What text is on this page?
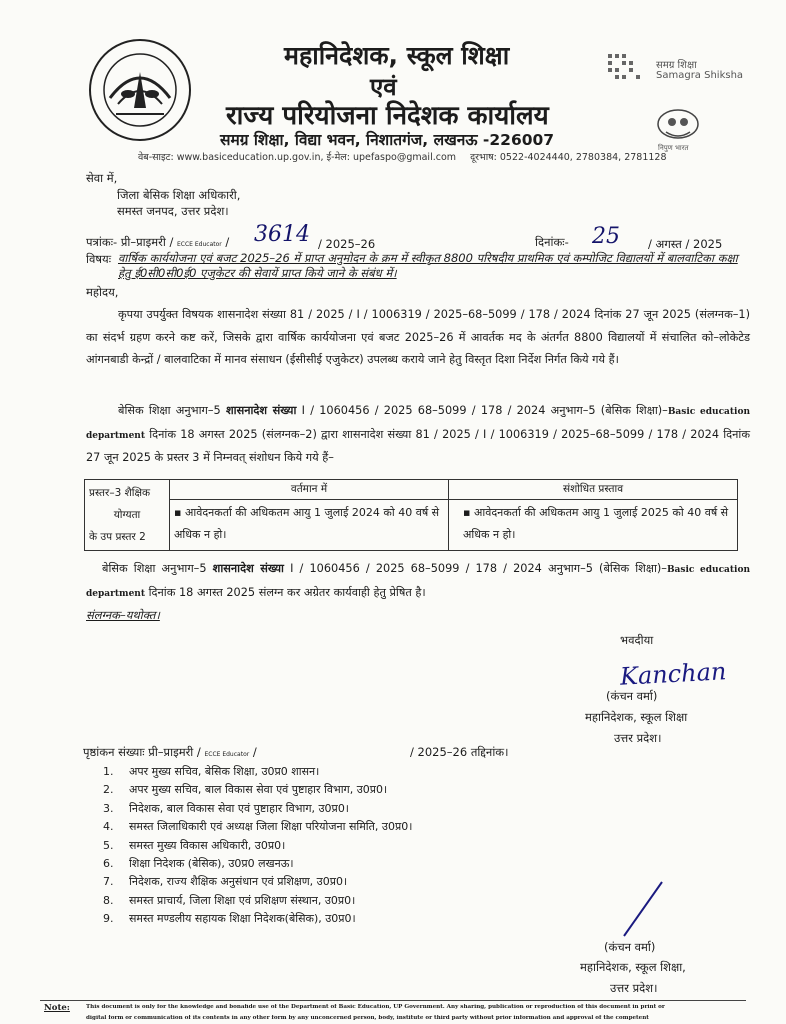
महानिदेशक, स्कूल शिक्षा
एवं
राज्य परियोजना निदेशक कार्यालय
समग्र शिक्षा, विद्या भवन, निशातगंज, लखनऊ -226007
वेब-साइट: www.basiceducation.up.gov.in, ई-मेल: upefaspo@gmail.com दूरभाष: 0522-4024440, 2780384, 2781128
समग्र शिक्षा
Samagra Shiksha
निपुण भारत
सेवा में,
जिला बेसिक शिक्षा अधिकारी,
समस्त जनपद, उत्तर प्रदेश।
पत्रांकः- प्री–प्राइमरी / ECCE Educator / 3614 / 2025–26	दिनांकः- 25 / अगस्त / 2025
विषयः वार्षिक कार्ययोजना एवं बजट 2025–26 में प्राप्त अनुमोदन के क्रम में स्वीकृत 8800 परिषदीय प्राथमिक एवं कम्पोजिट विद्यालयों में बालवाटिका कक्षा हेतु ई0सी0सी0ई0 एजुकेटर की सेवायें प्राप्त किये जाने के संबंध में।
महोदय,
कृपया उपर्युक्त विषयक शासनादेश संख्या 81 / 2025 / I / 1006319 / 2025–68–5099 / 178 / 2024 दिनांक 27 जून 2025 (संलग्नक–1) का संदर्भ ग्रहण करने कष्ट करें, जिसके द्वारा वार्षिक कार्ययोजना एवं बजट 2025–26 में आवर्तक मद के अंतर्गत 8800 विद्यालयों में संचालित को–लोकेटेड आंगनबाडी केन्द्रों / बालवाटिका में मानव संसाधन (ईसीसीई एजुकेटर) उपलब्ध कराये जाने हेतु विस्तृत दिशा निर्देश निर्गत किये गये हैं।
बेसिक शिक्षा अनुभाग–5 शासनादेश संख्या I / 1060456 / 2025 68–5099 / 178 / 2024 अनुभाग–5 (बेसिक शिक्षा)–Basic education department दिनांक 18 अगस्त 2025 (संलग्नक–2) द्वारा शासनादेश संख्या 81 / 2025 / I / 1006319 / 2025–68–5099 / 178 / 2024 दिनांक 27 जून 2025 के प्रस्तर 3 में निम्नवत् संशोधन किये गये हैं–
प्रस्तर–3 शैक्षिक
योग्यता
के उप प्रस्तर 2	वर्तमान में	संशोधित प्रस्ताव
	▪ आवेदनकर्ता की अधिकतम आयु 1 जुलाई 2024 को 40 वर्ष से अधिक न हो।	▪ आवेदनकर्ता की अधिकतम आयु 1 जुलाई 2025 को 40 वर्ष से अधिक न हो।
बेसिक शिक्षा अनुभाग–5 शासनादेश संख्या I / 1060456 / 2025 68–5099 / 178 / 2024 अनुभाग–5 (बेसिक शिक्षा)–Basic education department दिनांक 18 अगस्त 2025 संलग्न कर अग्रेतर कार्यवाही हेतु प्रेषित है।
संलग्नक–यथोक्त।
भवदीया
Kanchan
(कंचन वर्मा)
महानिदेशक, स्कूल शिक्षा
उत्तर प्रदेश।
पृष्ठांकन संख्याः प्री–प्राइमरी / ECCE Educator /	/ 2025–26 तद्दिनांक।
1. अपर मुख्य सचिव, बेसिक शिक्षा, उ0प्र0 शासन।
2. अपर मुख्य सचिव, बाल विकास सेवा एवं पुष्टाहार विभाग, उ0प्र0।
3. निदेशक, बाल विकास सेवा एवं पुष्टाहार विभाग, उ0प्र0।
4. समस्त जिलाधिकारी एवं अध्यक्ष जिला शिक्षा परियोजना समिति, उ0प्र0।
5. समस्त मुख्य विकास अधिकारी, उ0प्र0।
6. शिक्षा निदेशक (बेसिक), उ0प्र0 लखनऊ।
7. निदेशक, राज्य शैक्षिक अनुसंधान एवं प्रशिक्षण, उ0प्र0।
8. समस्त प्राचार्य, जिला शिक्षा एवं प्रशिक्षण संस्थान, उ0प्र0।
9. समस्त मण्डलीय सहायक शिक्षा निदेशक(बेसिक), उ0प्र0।
(कंचन वर्मा)
महानिदेशक, स्कूल शिक्षा,
उत्तर प्रदेश।
Note:	This document is only for the knowledge and bonafide use of the Department of Basic Education, UP Government. Any sharing, publication or reproduction of this document in print or
digital form or communication of its contents in any other form by any unconcerned person, body, institute or third party without prior information and approval of the competent
